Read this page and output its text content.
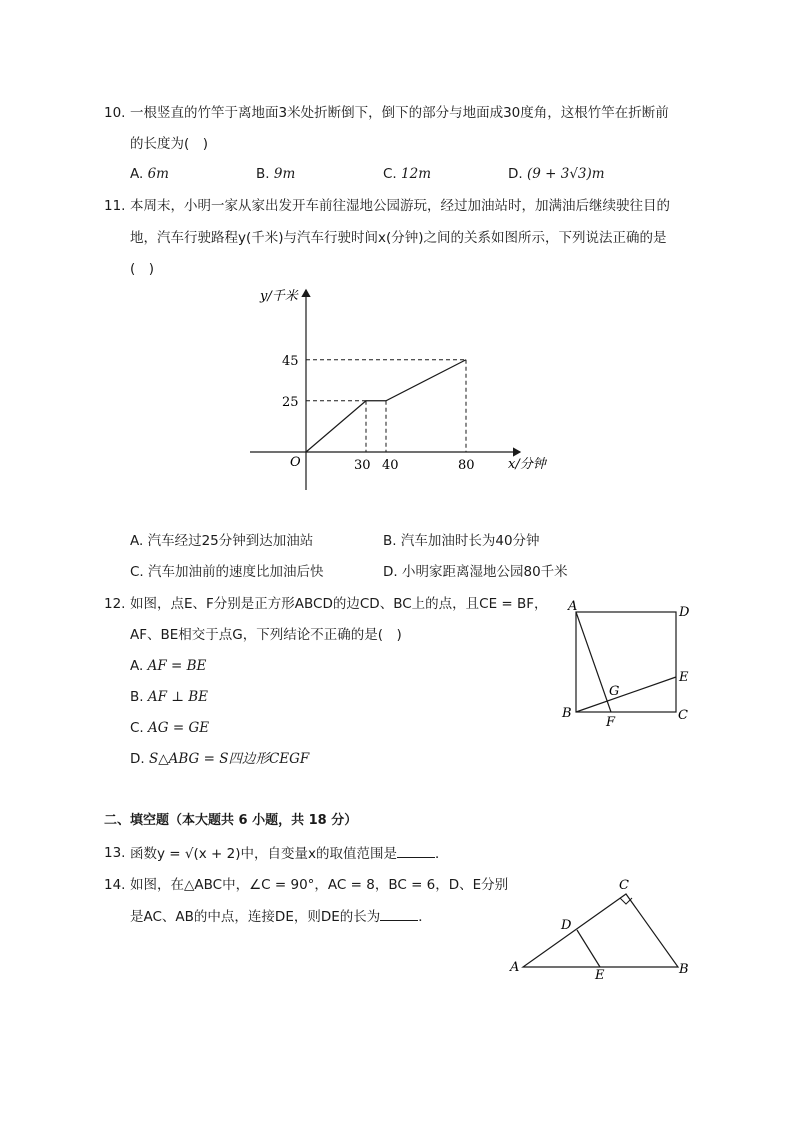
10. 一根竖直的竹竿于离地面3米处折断倒下，倒下的部分与地面成30度角，这根竹竿在折断前
的长度为(　)
A. 6m	B. 9m	C. 12m	D. (9 + 3√3)m
11. 本周末，小明一家从家出发开车前往湿地公园游玩，经过加油站时，加满油后继续驶往目的
地，汽车行驶路程y(千米)与汽车行驶时间x(分钟)之间的关系如图所示，下列说法正确的是
(　)
30 40	80
25
45
y/千米
x/分钟
O
A. 汽车经过25分钟到达加油站	B. 汽车加油时长为40分钟
C. 汽车加油前的速度比加油后快	D. 小明家距离湿地公园80千米
12. 如图，点E、F分别是正方形ABCD的边CD、BC上的点，且CE = BF，
AF、BE相交于点G，下列结论不正确的是(　)
A. AF = BE
B. AF ⊥ BE
C. AG = GE
D. S△ABG = S四边形CEGF
A	D
E
G
B	C
F
二、填空题（本大题共 6 小题，共 18 分）
13. 函数y = √(x + 2)中，自变量x的取值范围是	．
14. 如图，在△ABC中，∠C = 90°，AC = 8，BC = 6，D、E分别
是AC、AB的中点，连接DE，则DE的长为	．
C
D
A	B
E
